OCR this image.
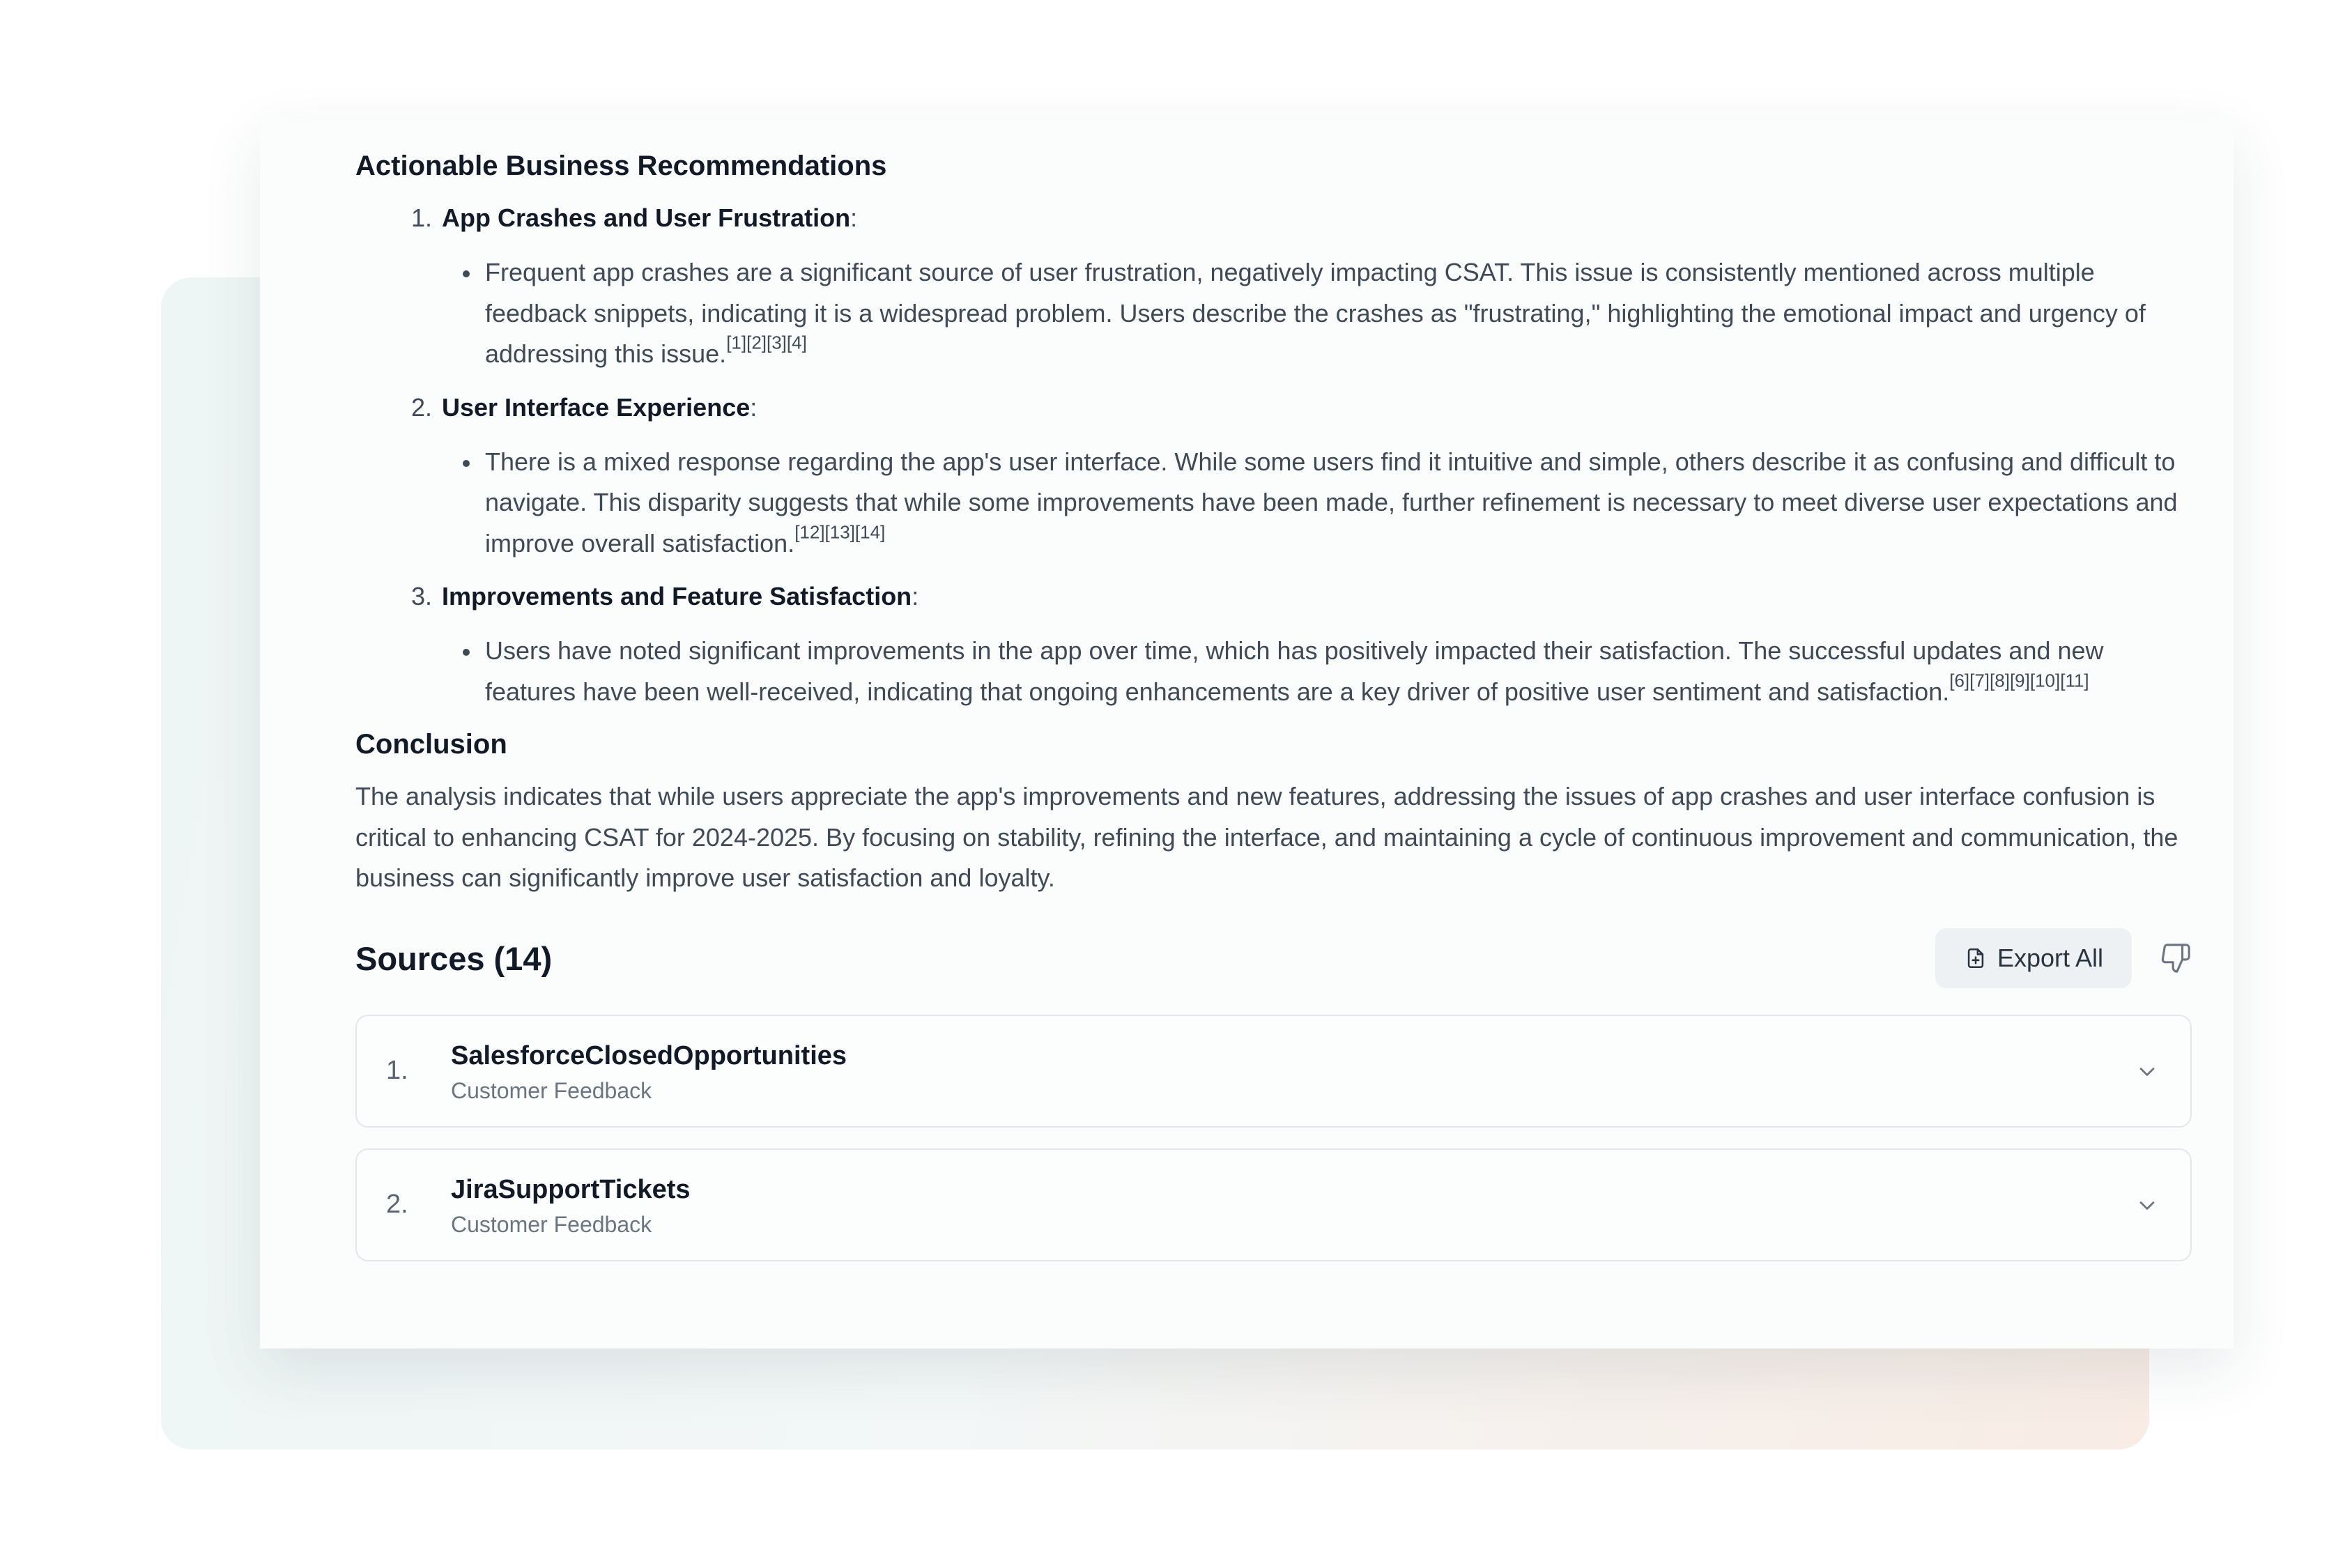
Actionable Business Recommendations
1. App Crashes and User Frustration:
Frequent app crashes are a significant source of user frustration, negatively impacting CSAT. This issue is consistently mentioned across multiple feedback snippets, indicating it is a widespread problem. Users describe the crashes as "frustrating," highlighting the emotional impact and urgency of addressing this issue.[1][2][3][4]
2. User Interface Experience:
There is a mixed response regarding the app's user interface. While some users find it intuitive and simple, others describe it as confusing and difficult to navigate. This disparity suggests that while some improvements have been made, further refinement is necessary to meet diverse user expectations and improve overall satisfaction.[12][13][14]
3. Improvements and Feature Satisfaction:
Users have noted significant improvements in the app over time, which has positively impacted their satisfaction. The successful updates and new features have been well-received, indicating that ongoing enhancements are a key driver of positive user sentiment and satisfaction.[6][7][8][9][10][11]
Conclusion

The analysis indicates that while users appreciate the app's improvements and new features, addressing the issues of app crashes and user interface confusion is critical to enhancing CSAT for 2024-2025. By focusing on stability, refining the interface, and maintaining a cycle of continuous improvement and communication, the business can significantly improve user satisfaction and loyalty.

Sources (14)	Export All
1. SalesforceClosedOpportunities
Customer Feedback
2. JiraSupportTickets
Customer Feedback
